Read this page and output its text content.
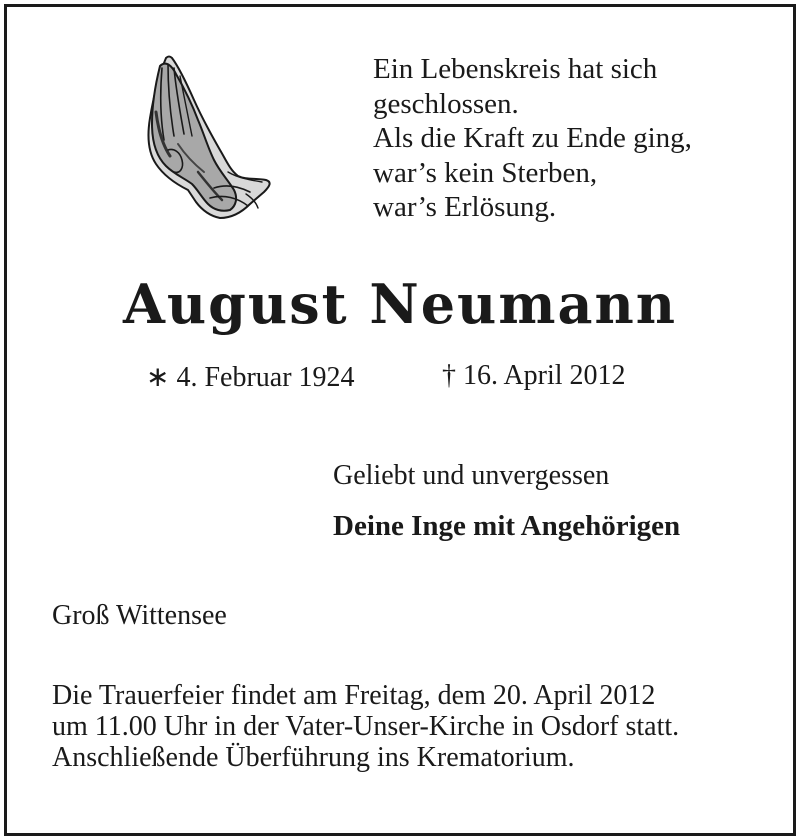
Ein Lebenskreis hat sich
geschlossen.
Als die Kraft zu Ende ging,
war’s kein Sterben,
war’s Erlösung.
August Neumann
∗ 4. Februar 1924	† 16. April 2012
Geliebt und unvergessen
Deine Inge mit Angehörigen
Groß Wittensee
Die Trauerfeier findet am Freitag, dem 20. April 2012
um 11.00 Uhr in der Vater-Unser-Kirche in Osdorf statt.
Anschließende Überführung ins Krematorium.
